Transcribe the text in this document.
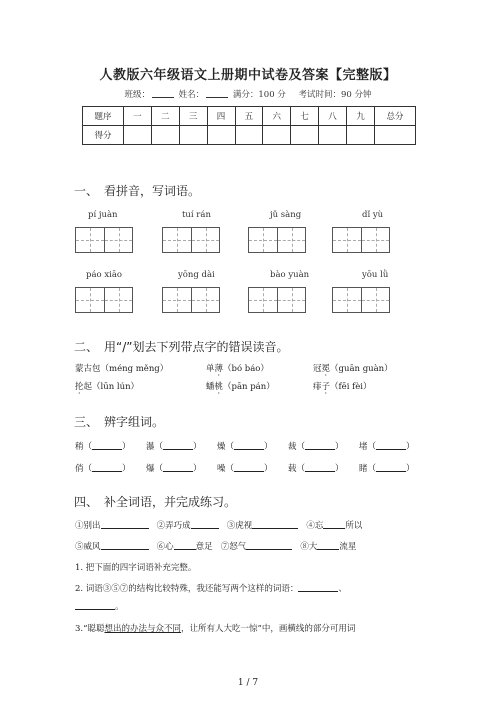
人教版六年级语文上册期中试卷及答案【完整版】
班级：	姓名：	满分：100 分 考试时间：90 分钟
题序	一	二	三	四	五	六	七	八	九	总分
得分										
一、　看拼音，写词语。
pí juàn	tuí rán	jǔ sàng	dǐ yù
páo xiāo	yōng dài	bào yuàn	yōu lǜ
二、　用“/”划去下列带点字的错误读音。
蒙古包（méng měng）	单薄（bó báo）	冠冕（guān guàn）
抡起（lūn lún）	蟠桃（pān pán）	痱子（fēi fèi）
三、　辨字组词。
稍（	） 瀑（	） 燥（	） 裁（	） 堵（	）
俏（	） 爆（	） 噪（	） 载（	） 睹（	）
四、　补全词语，并完成练习。
①别出	②弄巧成	③虎视	④忘	所以
⑤威风	⑥心	意足 ⑦怒气	⑧大	流星
1. 把下面的四字词语补充完整。
2. 词语③⑤⑦的结构比较特殊，我还能写两个这样的词语：	、
。
3.“聪聪想出的办法与众不同，让所有人大吃一惊”中，画横线的部分可用词
1 / 7
